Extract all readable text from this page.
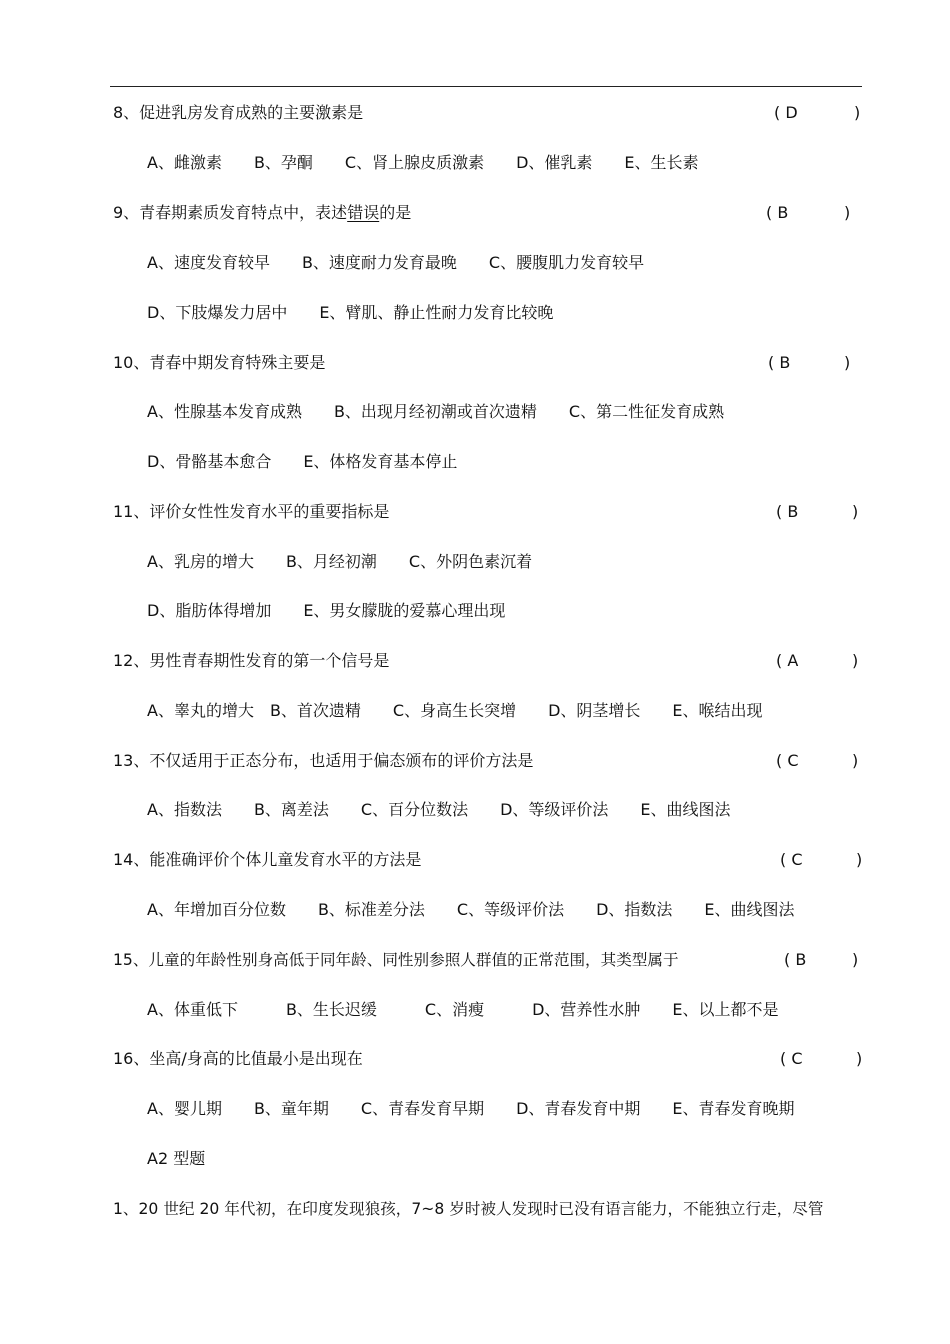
8、促进乳房发育成熟的主要激素是	( D	)
A、雌激素　　B、孕酮　　C、肾上腺皮质激素　　D、催乳素　　E、生长素
9、青春期素质发育特点中，表述错误的是	( B	)
A、速度发育较早　　B、速度耐力发育最晚　　C、腰腹肌力发育较早
D、下肢爆发力居中　　E、臂肌、静止性耐力发育比较晚
10、青春中期发育特殊主要是	( B	)
A、性腺基本发育成熟　　B、出现月经初潮或首次遗精　　C、第二性征发育成熟
D、骨骼基本愈合　　E、体格发育基本停止
11、评价女性性发育水平的重要指标是	( B	)
A、乳房的增大　　B、月经初潮　　C、外阴色素沉着
D、脂肪体得增加　　E、男女朦胧的爱慕心理出现
12、男性青春期性发育的第一个信号是	( A	)
A、睾丸的增大　B、首次遗精　　C、身高生长突增　　D、阴茎增长　　E、喉结出现
13、不仅适用于正态分布，也适用于偏态颁布的评价方法是	( C	)
A、指数法　　B、离差法　　C、百分位数法　　D、等级评价法　　E、曲线图法
14、能准确评价个体儿童发育水平的方法是	( C	)
A、年增加百分位数　　B、标准差分法　　C、等级评价法　　D、指数法　　E、曲线图法
15、儿童的年龄性别身高低于同年龄、同性别参照人群值的正常范围，其类型属于	( B	)
A、体重低下　　　B、生长迟缓　　　C、消瘦　　　D、营养性水肿　　E、以上都不是
16、坐高/身高的比值最小是出现在	( C	)
A、婴儿期　　B、童年期　　C、青春发育早期　　D、青春发育中期　　E、青春发育晚期
A2 型题
1、20 世纪 20 年代初，在印度发现狼孩，7~8 岁时被人发现时已没有语言能力，不能独立行走，尽管
